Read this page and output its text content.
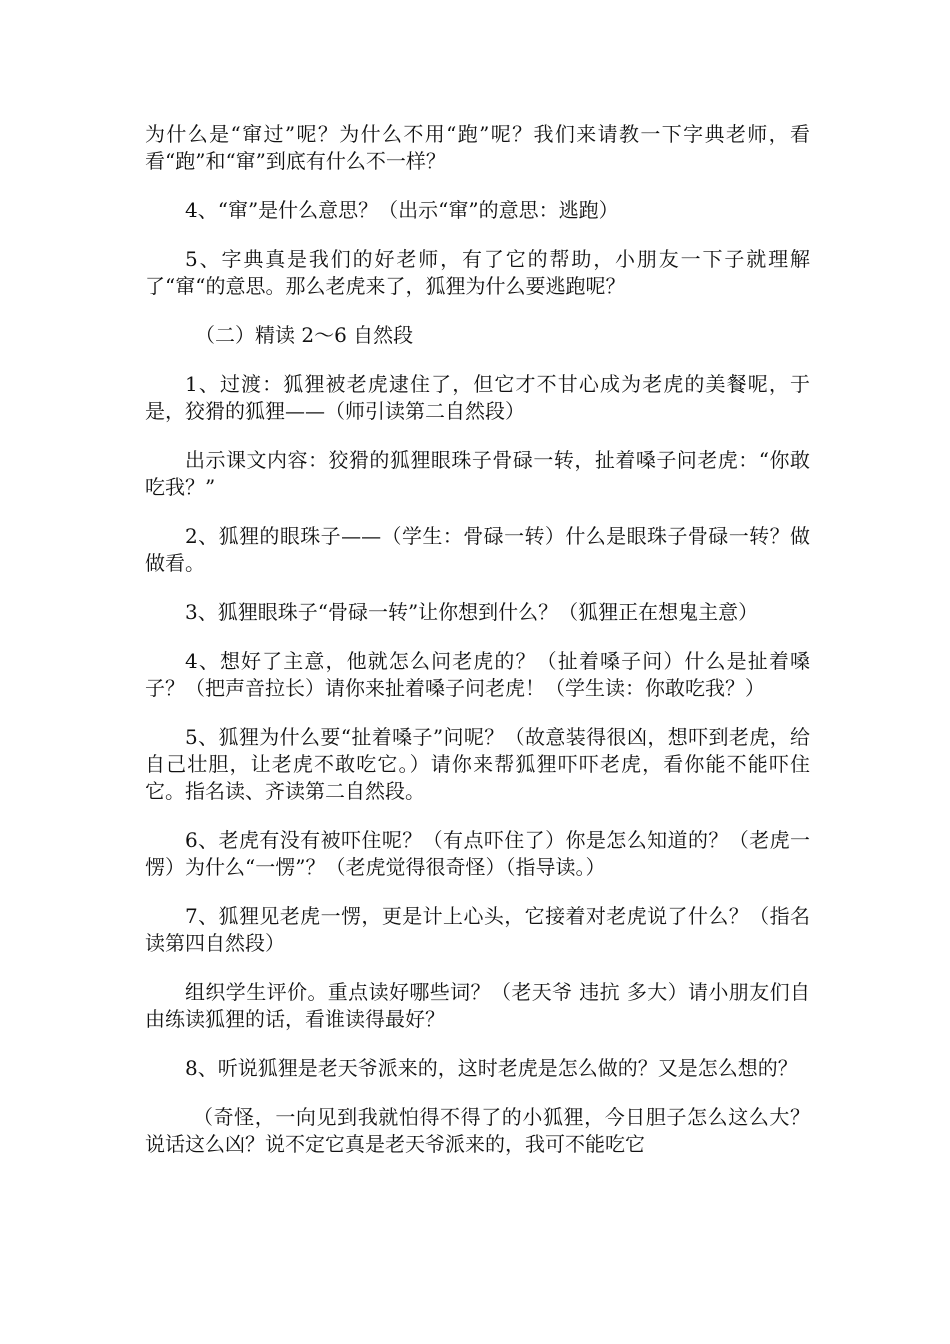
为什么是“窜过”呢？为什么不用“跑”呢？我们来请教一下字典老师，看看“跑”和“窜”到底有什么不一样？

4、“窜”是什么意思？（出示“窜”的意思：逃跑）

5、字典真是我们的好老师，有了它的帮助，小朋友一下子就理解了“窜“的意思。那么老虎来了，狐狸为什么要逃跑呢？

（二）精读 2～6 自然段

1、过渡：狐狸被老虎逮住了，但它才不甘心成为老虎的美餐呢，于是，狡猾的狐狸——（师引读第二自然段）

出示课文内容：狡猾的狐狸眼珠子骨碌一转，扯着嗓子问老虎：“你敢吃我？”

2、狐狸的眼珠子——（学生：骨碌一转）什么是眼珠子骨碌一转？做做看。

3、狐狸眼珠子“骨碌一转”让你想到什么？（狐狸正在想鬼主意）

4、想好了主意，他就怎么问老虎的？（扯着嗓子问）什么是扯着嗓子？（把声音拉长）请你来扯着嗓子问老虎！（学生读：你敢吃我？）

5、狐狸为什么要“扯着嗓子”问呢？（故意装得很凶，想吓到老虎，给自己壮胆，让老虎不敢吃它。）请你来帮狐狸吓吓老虎，看你能不能吓住它。指名读、齐读第二自然段。

6、老虎有没有被吓住呢？（有点吓住了）你是怎么知道的？（老虎一愣）为什么“一愣”？（老虎觉得很奇怪）（指导读。）

7、狐狸见老虎一愣，更是计上心头，它接着对老虎说了什么？（指名读第四自然段）

组织学生评价。重点读好哪些词？（老天爷 违抗 多大）请小朋友们自由练读狐狸的话，看谁读得最好？

8、听说狐狸是老天爷派来的，这时老虎是怎么做的？又是怎么想的？

（奇怪，一向见到我就怕得不得了的小狐狸，今日胆子怎么这么大？说话这么凶？说不定它真是老天爷派来的，我可不能吃它
